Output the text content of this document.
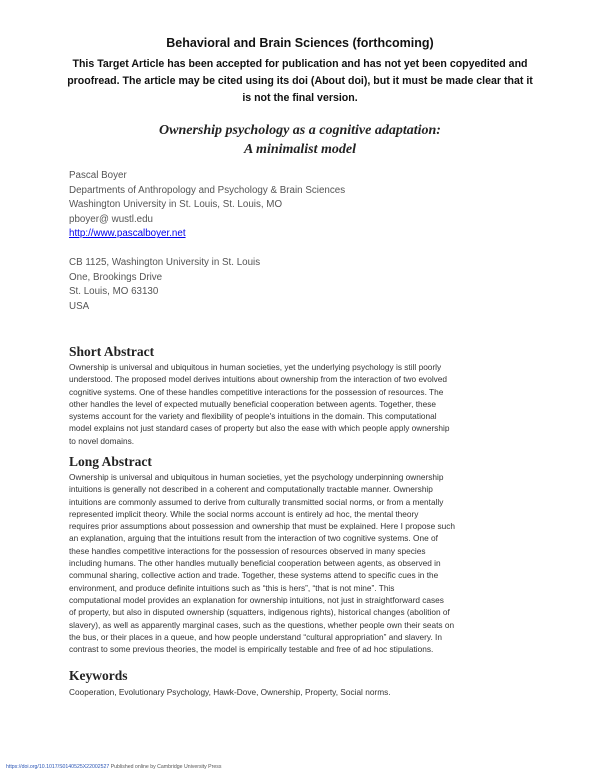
Behavioral and Brain Sciences (forthcoming)
This Target Article has been accepted for publication and has not yet been copyedited and
proofread. The article may be cited using its doi (About doi), but it must be made clear that it
is not the final version.
Ownership psychology as a cognitive adaptation:
A minimalist model
Pascal Boyer
Departments of Anthropology and Psychology & Brain Sciences
Washington University in St. Louis, St. Louis, MO
pboyer@ wustl.edu
http://www.pascalboyer.net
CB 1125, Washington University in St. Louis
One, Brookings Drive
St. Louis, MO 63130
USA
Short Abstract
Ownership is universal and ubiquitous in human societies, yet the underlying psychology is still poorly
understood. The proposed model derives intuitions about ownership from the interaction of two evolved
cognitive systems. One of these handles competitive interactions for the possession of resources. The
other handles the level of expected mutually beneficial cooperation between agents. Together, these
systems account for the variety and flexibility of people's intuitions in the domain. This computational
model explains not just standard cases of property but also the ease with which people apply ownership
to novel domains.
Long Abstract
Ownership is universal and ubiquitous in human societies, yet the psychology underpinning ownership
intuitions is generally not described in a coherent and computationally tractable manner. Ownership
intuitions are commonly assumed to derive from culturally transmitted social norms, or from a mentally
represented implicit theory. While the social norms account is entirely ad hoc, the mental theory
requires prior assumptions about possession and ownership that must be explained. Here I propose such
an explanation, arguing that the intuitions result from the interaction of two cognitive systems. One of
these handles competitive interactions for the possession of resources observed in many species
including humans. The other handles mutually beneficial cooperation between agents, as observed in
communal sharing, collective action and trade. Together, these systems attend to specific cues in the
environment, and produce definite intuitions such as “this is hers”, “that is not mine”. This
computational model provides an explanation for ownership intuitions, not just in straightforward cases
of property, but also in disputed ownership (squatters, indigenous rights), historical changes (abolition of
slavery), as well as apparently marginal cases, such as the questions, whether people own their seats on
the bus, or their places in a queue, and how people understand “cultural appropriation” and slavery. In
contrast to some previous theories, the model is empirically testable and free of ad hoc stipulations.
Keywords
Cooperation, Evolutionary Psychology, Hawk-Dove, Ownership, Property, Social norms.
https://doi.org/10.1017/S0140525X22002527 Published online by Cambridge University Press
